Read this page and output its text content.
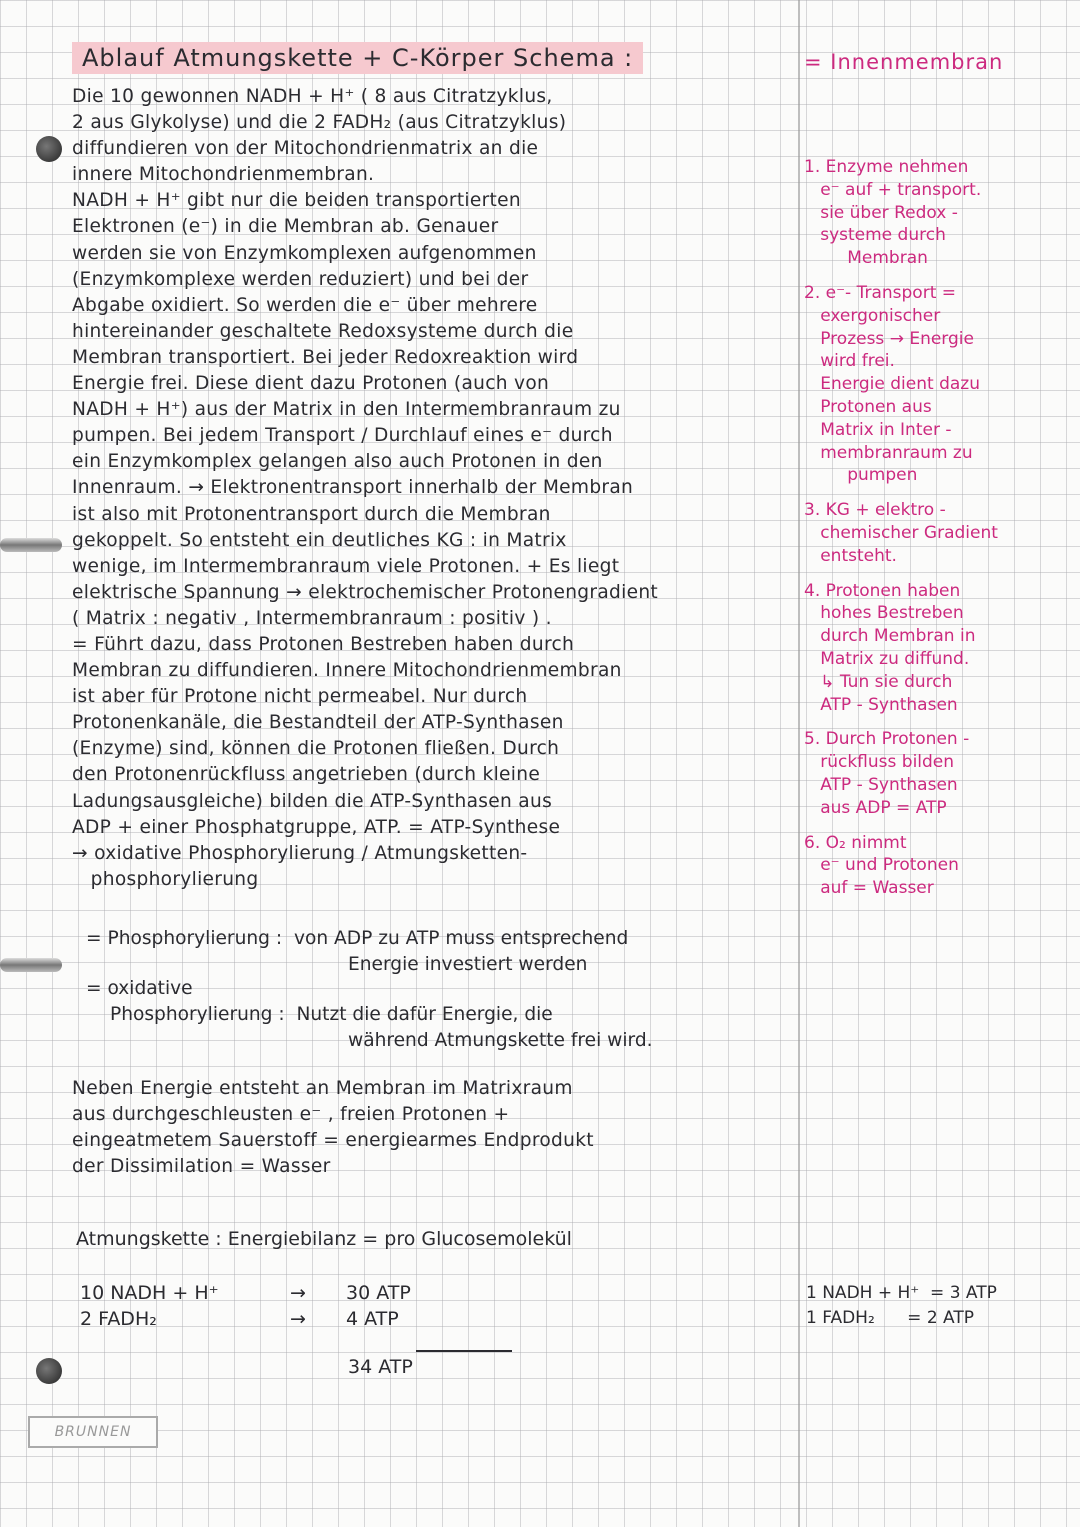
Ablauf Atmungskette + C-Körper Schema :
Die 10 gewonnen NADH + H⁺ ( 8 aus Citratzyklus,
2 aus Glykolyse) und die 2 FADH₂ (aus Citratzyklus)
diffundieren von der Mitochondrienmatrix an die
innere Mitochondrienmembran.
NADH + H⁺ gibt nur die beiden transportierten
Elektronen (e⁻) in die Membran ab. Genauer
werden sie von Enzymkomplexen aufgenommen
(Enzymkomplexe werden reduziert) und bei der
Abgabe oxidiert. So werden die e⁻ über mehrere
hintereinander geschaltete Redoxsysteme durch die
Membran transportiert. Bei jeder Redoxreaktion wird
Energie frei. Diese dient dazu Protonen (auch von
NADH + H⁺) aus der Matrix in den Intermembranraum zu
pumpen. Bei jedem Transport / Durchlauf eines e⁻ durch
ein Enzymkomplex gelangen also auch Protonen in den
Innenraum. → Elektronentransport innerhalb der Membran
ist also mit Protonentransport durch die Membran
gekoppelt. So entsteht ein deutliches KG : in Matrix
wenige, im Intermembranraum viele Protonen. + Es liegt
elektrische Spannung → elektrochemischer Protonengradient
( Matrix : negativ , Intermembranraum : positiv ) .
= Führt dazu, dass Protonen Bestreben haben durch
Membran zu diffundieren. Innere Mitochondrienmembran
ist aber für Protone nicht permeabel. Nur durch
Protonenkanäle, die Bestandteil der ATP-Synthasen
(Enzyme) sind, können die Protonen fließen. Durch
den Protonenrückfluss angetrieben (durch kleine
Ladungsausgleiche) bilden die ATP-Synthasen aus
ADP + einer Phosphatgruppe, ATP. = ATP-Synthese
→ oxidative Phosphorylierung / Atmungsketten-
phosphorylierung
= Phosphorylierung : von ADP zu ATP muss entsprechend
Energie investiert werden
= oxidative
Phosphorylierung : Nutzt die dafür Energie, die
während Atmungskette frei wird.
Neben Energie entsteht an Membran im Matrixraum
aus durchgeschleusten e⁻ , freien Protonen +
eingeatmetem Sauerstoff = energiearmes Endprodukt
der Dissimilation = Wasser
= Innenmembran
1. Enzyme nehmen
e⁻ auf + transport.
sie über Redox -
systeme durch
Membran
2. e⁻- Transport =
exergonischer
Prozess → Energie
wird frei.
Energie dient dazu
Protonen aus
Matrix in Inter -
membranraum zu
pumpen
3. KG + elektro -
chemischer Gradient
entsteht.
4. Protonen haben
hohes Bestreben
durch Membran in
Matrix zu diffund.
↳ Tun sie durch
ATP - Synthasen
5. Durch Protonen -
rückfluss bilden
ATP - Synthasen
aus ADP = ATP
6. O₂ nimmt
e⁻ und Protonen
auf = Wasser
Atmungskette : Energiebilanz = pro Glucosemolekül
10 NADH + H⁺	→ 30 ATP
2 FADH₂	→ 4 ATP
34 ATP
1 NADH + H⁺  = 3 ATP
1 FADH₂      = 2 ATP
BRUNNEN
